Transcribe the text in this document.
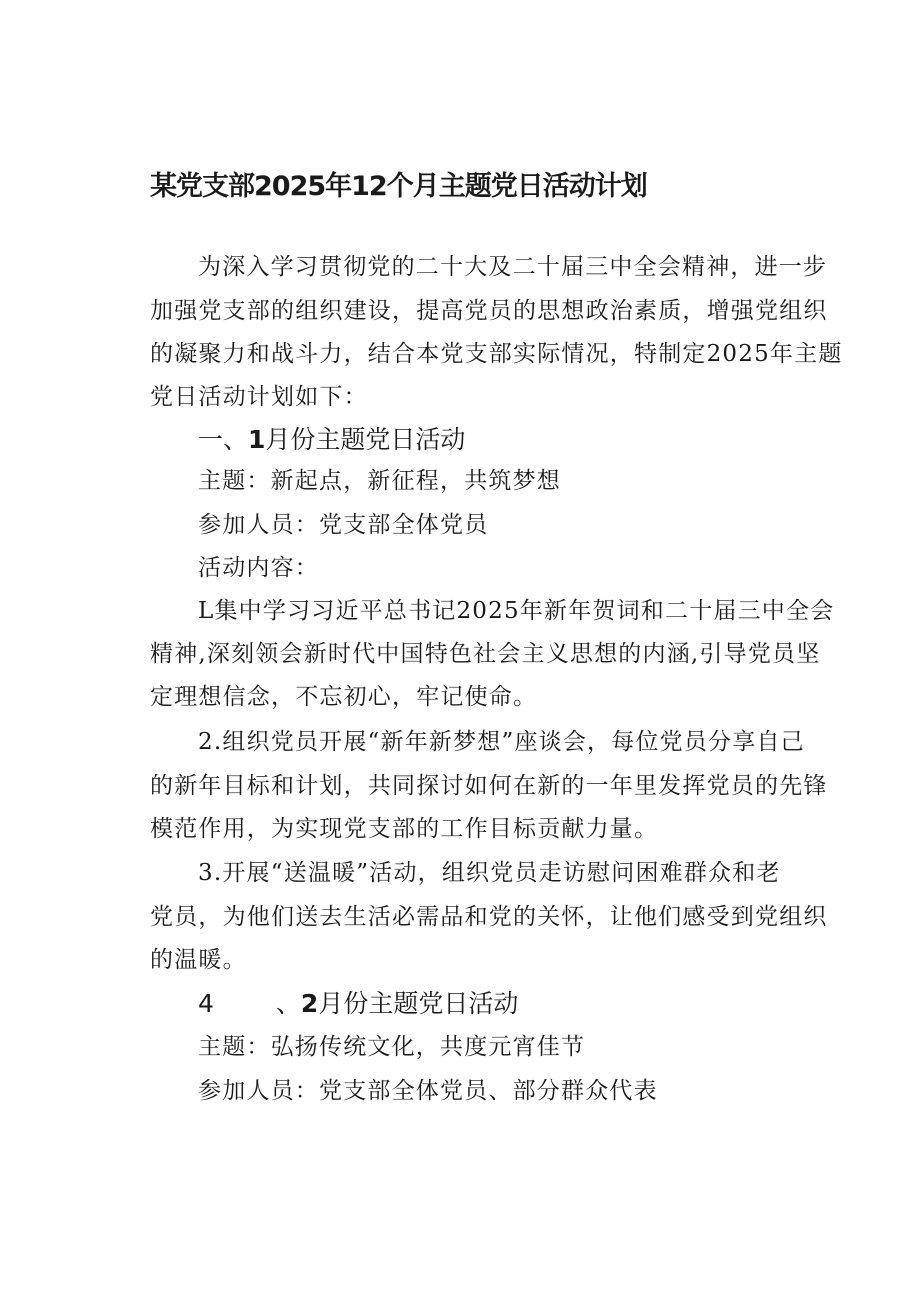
某党支部2025年12个月主题党日活动计划
为深入学习贯彻党的二十大及二十届三中全会精神，进一步
加强党支部的组织建设，提高党员的思想政治素质，增强党组织
的凝聚力和战斗力，结合本党支部实际情况，特制定2025年主题
党日活动计划如下：
一、1月份主题党日活动
主题：新起点，新征程，共筑梦想
参加人员：党支部全体党员
活动内容：
L集中学习习近平总书记2025年新年贺词和二十届三中全会
精神,深刻领会新时代中国特色社会主义思想的内涵,引导党员坚
定理想信念，不忘初心，牢记使命。
2.组织党员开展“新年新梦想”座谈会，每位党员分享自己
的新年目标和计划，共同探讨如何在新的一年里发挥党员的先锋
模范作用，为实现党支部的工作目标贡献力量。
3.开展“送温暖”活动，组织党员走访慰问困难群众和老
党员，为他们送去生活必需品和党的关怀，让他们感受到党组织
的温暖。
4 、2月份主题党日活动
主题：弘扬传统文化，共度元宵佳节
参加人员：党支部全体党员、部分群众代表
